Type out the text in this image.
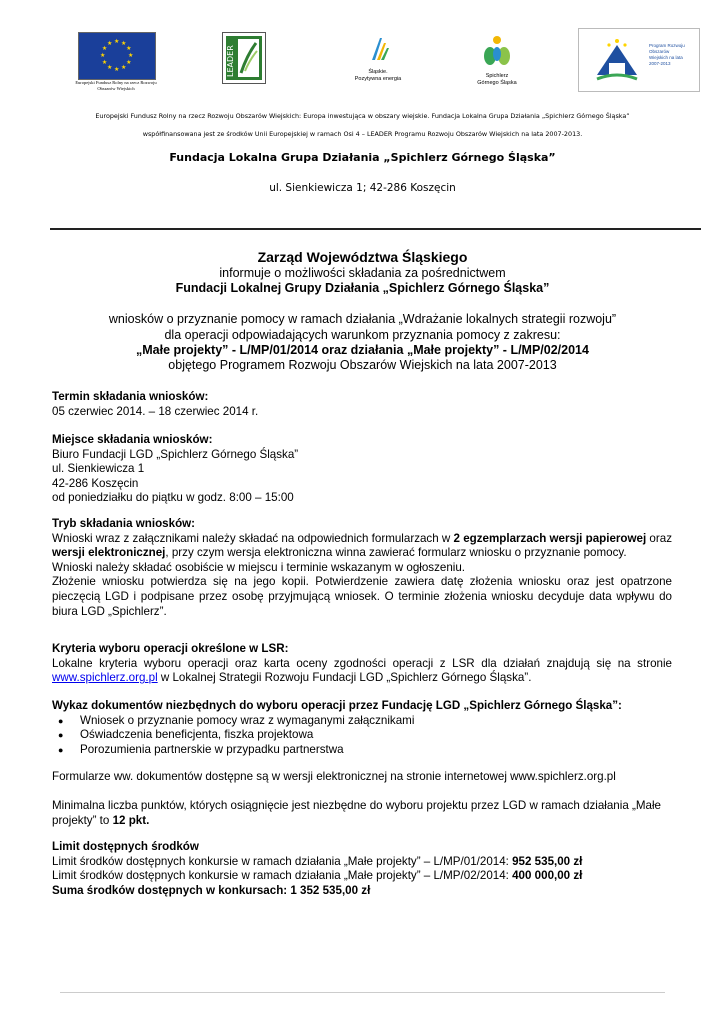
★
★
★
★
★
★
★
★
★ ★ ★
★
Europejski Fundusz Rolny na rzecz Rozwoju Obszarów Wiejskich
LEADER	Śląskie.
Pozytywna energia	Spichlerz
Górnego Śląska
Program Rozwoju Obszarów Wiejskich na lata 2007-2013
Europejski Fundusz Rolny na rzecz Rozwoju Obszarów Wiejskich: Europa inwestująca w obszary wiejskie. Fundacja Lokalna Grupa Działania „Spichlerz Górnego Śląska”
współfinansowana jest ze środków Unii Europejskiej w ramach Osi 4 – LEADER Programu Rozwoju Obszarów Wiejskich na lata 2007-2013.
Fundacja Lokalna Grupa Działania „Spichlerz Górnego Śląska”
ul. Sienkiewicza 1; 42-286 Koszęcin
Zarząd Województwa Śląskiego
informuje o możliwości składania za pośrednictwem
Fundacji Lokalnej Grupy Działania „Spichlerz Górnego Śląska”
wniosków o przyznanie pomocy w ramach działania „Wdrażanie lokalnych strategii rozwoju”
dla operacji odpowiadających warunkom przyznania pomocy z zakresu:
„Małe projekty” - L/MP/01/2014 oraz działania „Małe projekty” - L/MP/02/2014
objętego Programem Rozwoju Obszarów Wiejskich na lata 2007-2013
Termin składania wniosków:
05 czerwiec 2014. – 18 czerwiec 2014 r.
Miejsce składania wniosków:
Biuro Fundacji LGD „Spichlerz Górnego Śląska”
ul. Sienkiewicza 1
42-286 Koszęcin
od poniedziałku do piątku w godz. 8:00 – 15:00
Tryb składania wniosków:
Wnioski wraz z załącznikami należy składać na odpowiednich formularzach w 2 egzemplarzach wersji papierowej oraz wersji elektronicznej, przy czym wersja elektroniczna winna zawierać formularz wniosku o przyznanie pomocy.
Wnioski należy składać osobiście w miejscu i terminie wskazanym w ogłoszeniu.
Złożenie wniosku potwierdza się na jego kopii. Potwierdzenie zawiera datę złożenia wniosku oraz jest opatrzone pieczęcią LGD i podpisane przez osobę przyjmującą wniosek. O terminie złożenia wniosku decyduje data wpływu do biura LGD „Spichlerz”.
Kryteria wyboru operacji określone w LSR:
Lokalne kryteria wyboru operacji oraz karta oceny zgodności operacji z LSR dla działań znajdują się na stronie www.spichlerz.org.pl w Lokalnej Strategii Rozwoju Fundacji LGD „Spichlerz Górnego Śląska”.
Wykaz dokumentów niezbędnych do wyboru operacji przez Fundację LGD „Spichlerz Górnego Śląska”:
● Wniosek o przyznanie pomocy wraz z wymaganymi załącznikami
● Oświadczenia beneficjenta, fiszka projektowa
● Porozumienia partnerskie w przypadku partnerstwa
Formularze ww. dokumentów dostępne są w wersji elektronicznej na stronie internetowej www.spichlerz.org.pl
Minimalna liczba punktów, których osiągnięcie jest niezbędne do wyboru projektu przez LGD w ramach działania „Małe projekty” to 12 pkt.
Limit dostępnych środków
Limit środków dostępnych konkursie w ramach działania „Małe projekty” – L/MP/01/2014: 952 535,00 zł
Limit środków dostępnych konkursie w ramach działania „Małe projekty” – L/MP/02/2014: 400 000,00 zł
Suma środków dostępnych w konkursach: 1 352 535,00 zł
